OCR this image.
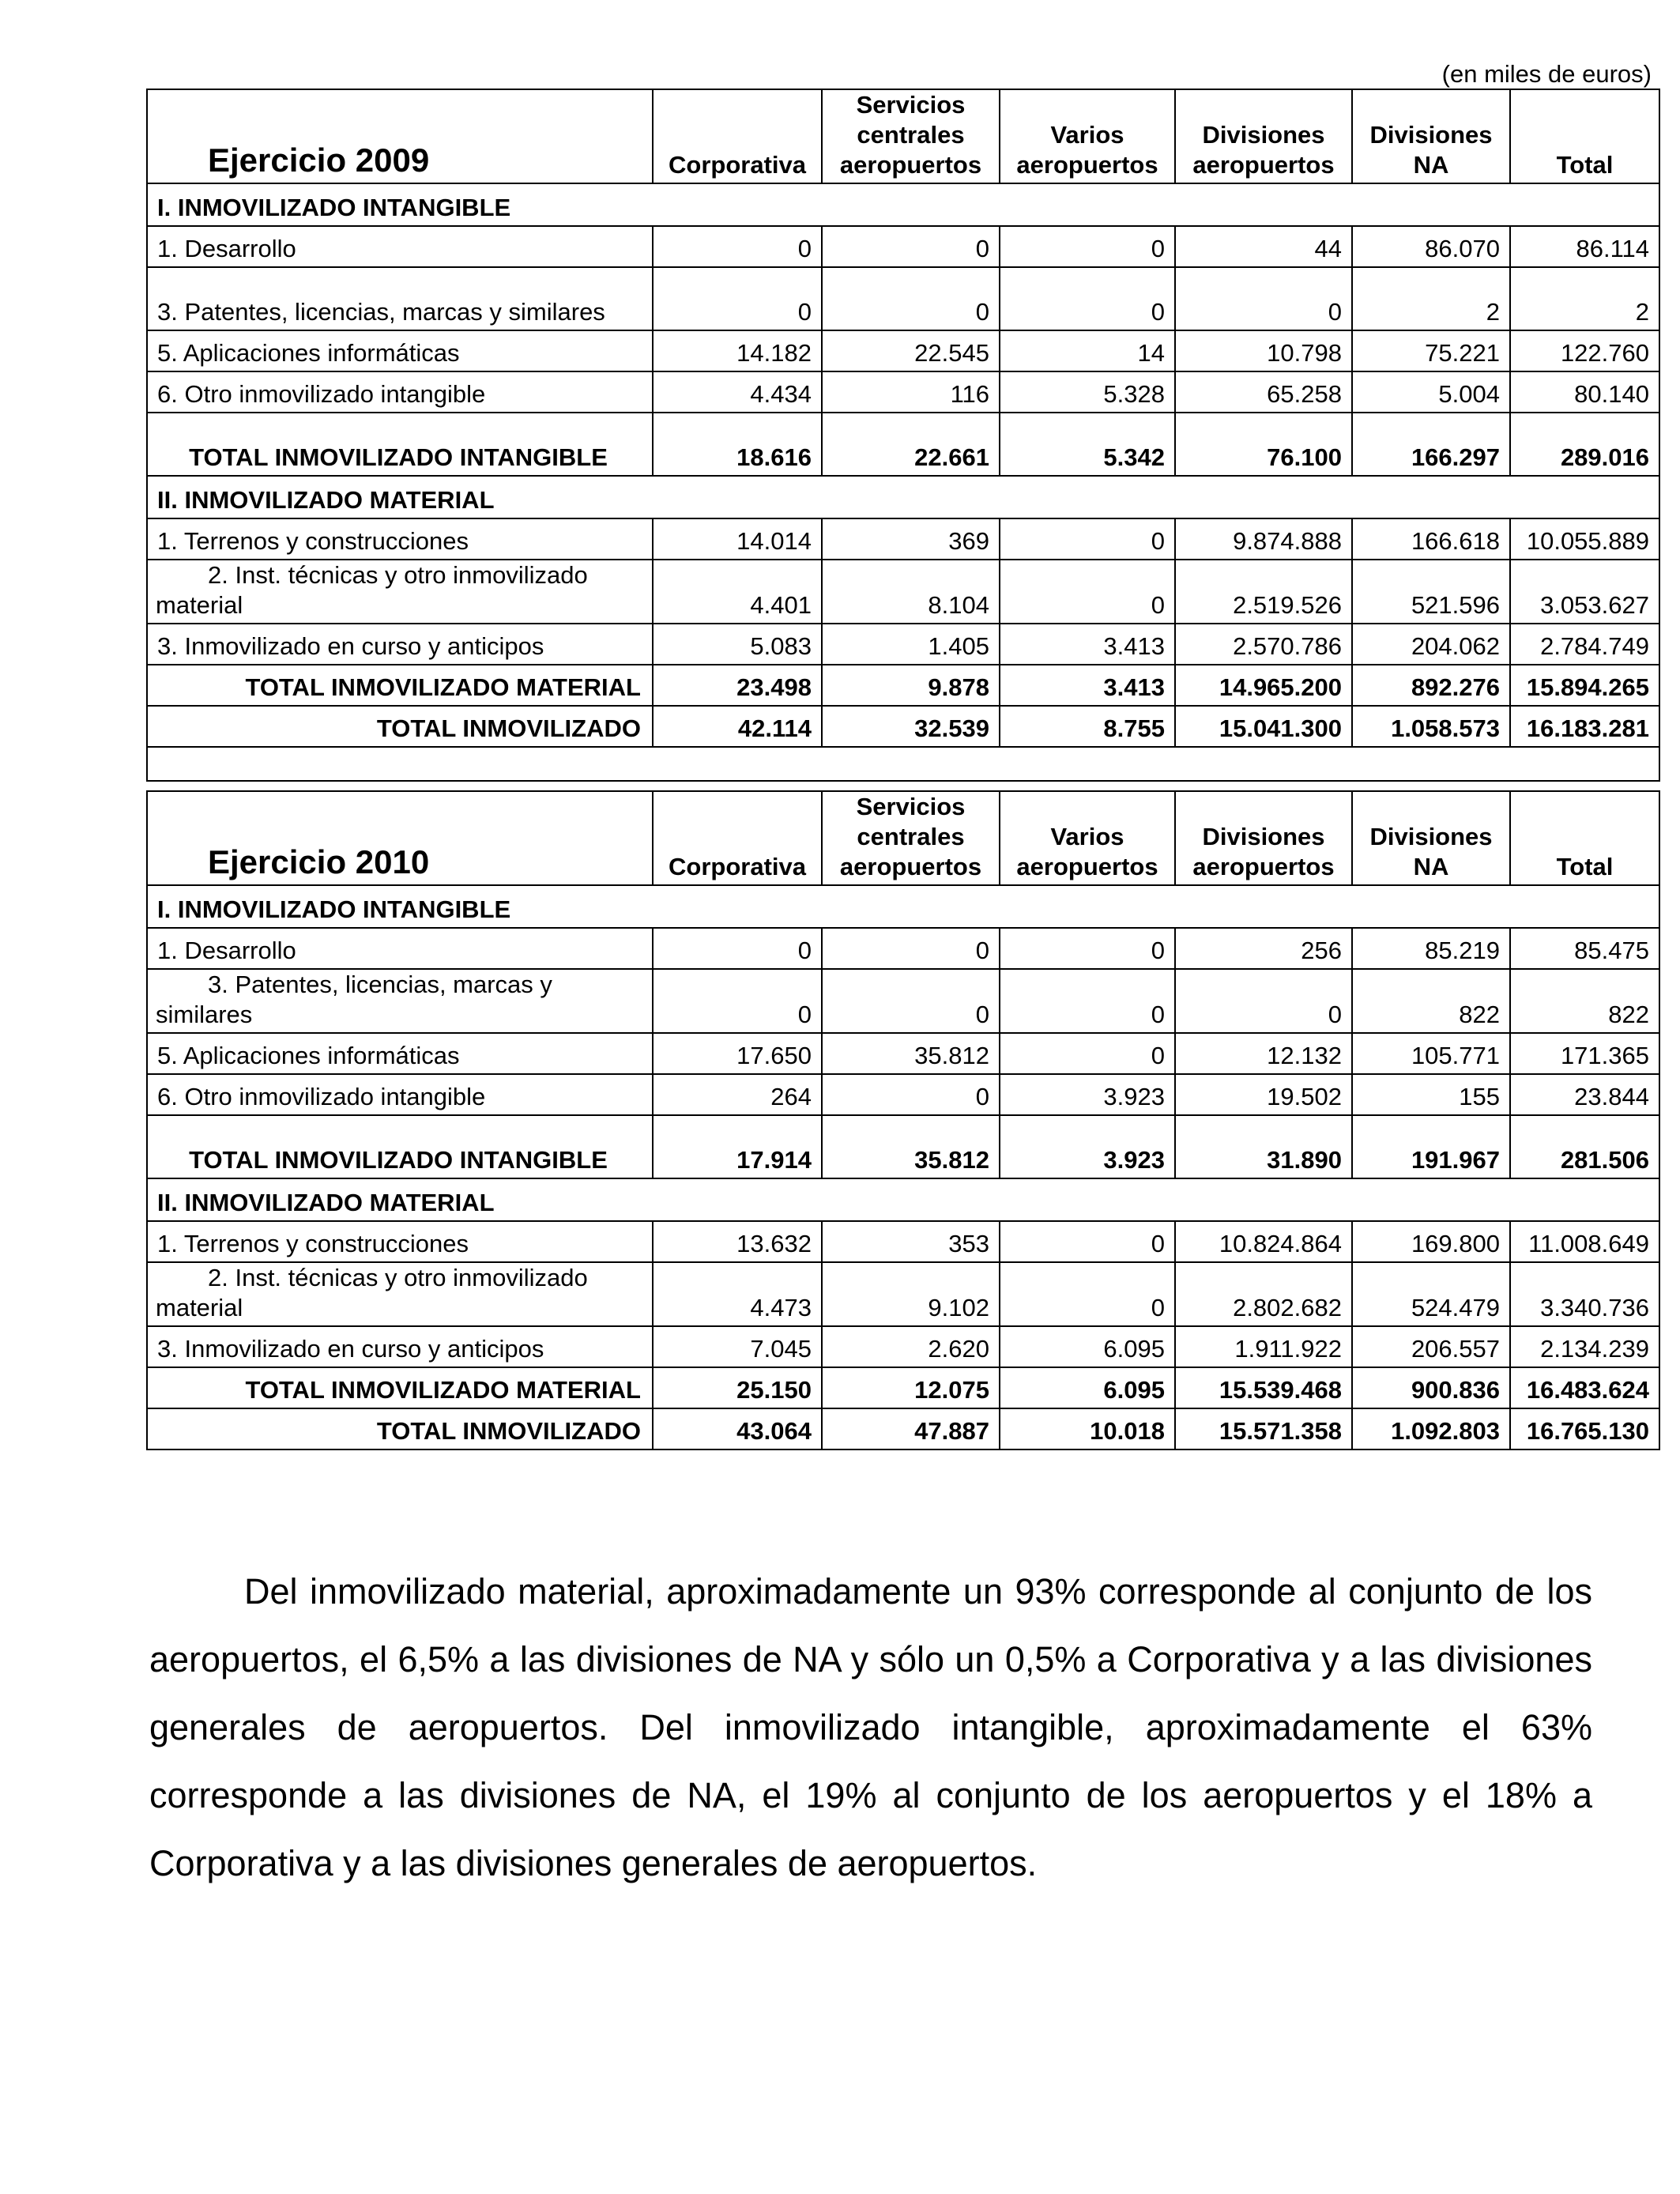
(en miles de euros)
Ejercicio 2009	Corporativa	Servicios centrales aeropuertos	Varios aeropuertos	Divisiones aeropuertos	Divisiones NA	Total
I. INMOVILIZADO INTANGIBLE						
1. Desarrollo	0	0	0	44	86.070	86.114
3. Patentes, licencias, marcas y similares	0	0	0	0	2	2
5. Aplicaciones informáticas	14.182	22.545	14	10.798	75.221	122.760
6. Otro inmovilizado intangible	4.434	116	5.328	65.258	5.004	80.140
TOTAL INMOVILIZADO INTANGIBLE	18.616	22.661	5.342	76.100	166.297	289.016
II. INMOVILIZADO MATERIAL						
1. Terrenos y construcciones	14.014	369	0	9.874.888	166.618	10.055.889
2. Inst. técnicas y otro inmovilizado material	4.401	8.104	0	2.519.526	521.596	3.053.627
3. Inmovilizado en curso y anticipos	5.083	1.405	3.413	2.570.786	204.062	2.784.749
TOTAL INMOVILIZADO MATERIAL	23.498	9.878	3.413	14.965.200	892.276	15.894.265
TOTAL INMOVILIZADO	42.114	32.539	8.755	15.041.300	1.058.573	16.183.281

Ejercicio 2010	Corporativa	Servicios centrales aeropuertos	Varios aeropuertos	Divisiones aeropuertos	Divisiones NA	Total
I. INMOVILIZADO INTANGIBLE						
1. Desarrollo	0	0	0	256	85.219	85.475
3. Patentes, licencias, marcas y similares	0	0	0	0	822	822
5. Aplicaciones informáticas	17.650	35.812	0	12.132	105.771	171.365
6. Otro inmovilizado intangible	264	0	3.923	19.502	155	23.844
TOTAL INMOVILIZADO INTANGIBLE	17.914	35.812	3.923	31.890	191.967	281.506
II. INMOVILIZADO MATERIAL						
1. Terrenos y construcciones	13.632	353	0	10.824.864	169.800	11.008.649
2. Inst. técnicas y otro inmovilizado material	4.473	9.102	0	2.802.682	524.479	3.340.736
3. Inmovilizado en curso y anticipos	7.045	2.620	6.095	1.911.922	206.557	2.134.239
TOTAL INMOVILIZADO MATERIAL	25.150	12.075	6.095	15.539.468	900.836	16.483.624
TOTAL INMOVILIZADO	43.064	47.887	10.018	15.571.358	1.092.803	16.765.130

Del inmovilizado material, aproximadamente un 93% corresponde al conjunto de los aeropuertos, el 6,5% a las divisiones de NA y sólo un 0,5% a Corporativa y a las divisiones generales de aeropuertos. Del inmovilizado intangible, aproximadamente el 63% corresponde a las divisiones de NA, el 19% al conjunto de los aeropuertos y el 18% a Corporativa y a las divisiones generales de aeropuertos.
